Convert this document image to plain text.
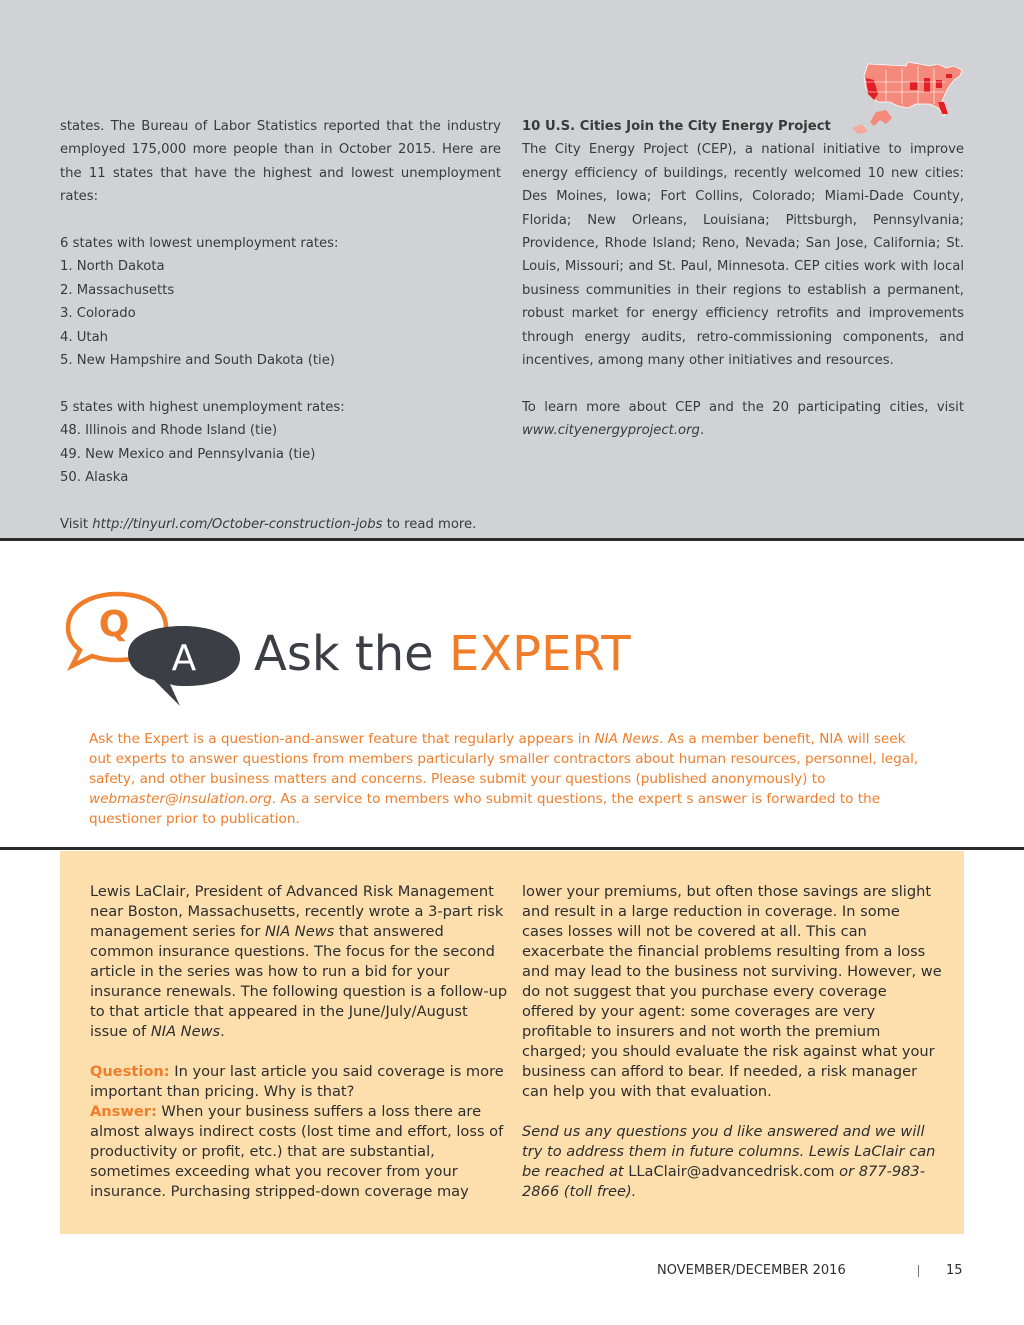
states. The Bureau of Labor Statistics reported that the industry employed 175,000 more people than in October 2015. Here are the 11 states that have the highest and lowest unemployment rates:

6 states with lowest unemployment rates:

1. North Dakota

2. Massachusetts

3. Colorado

4. Utah

5. New Hampshire and South Dakota (tie)

5 states with highest unemployment rates:

48. Illinois and Rhode Island (tie)

49. New Mexico and Pennsylvania (tie)

50. Alaska

Visit http://tinyurl.com/October-construction-jobs to read more.

10 U.S. Cities Join the City Energy Project

The City Energy Project (CEP), a national initiative to improve energy efficiency of buildings, recently welcomed 10 new cities: Des Moines, Iowa; Fort Collins, Colorado; Miami-Dade County, Florida; New Orleans, Louisiana; Pittsburgh, Pennsylvania; Providence, Rhode Island; Reno, Nevada; San Jose, California; St. Louis, Missouri; and St. Paul, Minnesota. CEP cities work with local business communities in their regions to establish a permanent, robust market for energy efficiency retrofits and improvements through energy audits, retro-commissioning components, and incentives, among many other initiatives and resources.

To learn more about CEP and the 20 participating cities, visit www.cityenergyproject.org.

Q
A Ask the EXPERT

Ask the Expert is a question-and-answer feature that regularly appears in NIA News. As a member benefit, NIA will seek out experts to answer questions from members particularly smaller contractors about human resources, personnel, legal, safety, and other business matters and concerns. Please submit your questions (published anonymously) to webmaster@insulation.org. As a service to members who submit questions, the expert s answer is forwarded to the questioner prior to publication.

Lewis LaClair, President of Advanced Risk Management near Boston, Massachusetts, recently wrote a 3-part risk management series for NIA News that answered common insurance questions. The focus for the second article in the series was how to run a bid for your insurance renewals. The following question is a follow-up to that article that appeared in the June/July/August issue of NIA News.

Question: In your last article you said coverage is more important than pricing. Why is that?

Answer: When your business suffers a loss there are almost always indirect costs (lost time and effort, loss of productivity or profit, etc.) that are substantial, sometimes exceeding what you recover from your insurance. Purchasing stripped-down coverage may

lower your premiums, but often those savings are slight and result in a large reduction in coverage. In some cases losses will not be covered at all. This can exacerbate the financial problems resulting from a loss and may lead to the business not surviving. However, we do not suggest that you purchase every coverage offered by your agent: some coverages are very profitable to insurers and not worth the premium charged; you should evaluate the risk against what your business can afford to bear. If needed, a risk manager can help you with that evaluation.

Send us any questions you d like answered and we will try to address them in future columns. Lewis LaClair can be reached at LLaClair@advancedrisk.com or 877-983-2866 (toll free).

NOVEMBER/DECEMBER 2016	15
